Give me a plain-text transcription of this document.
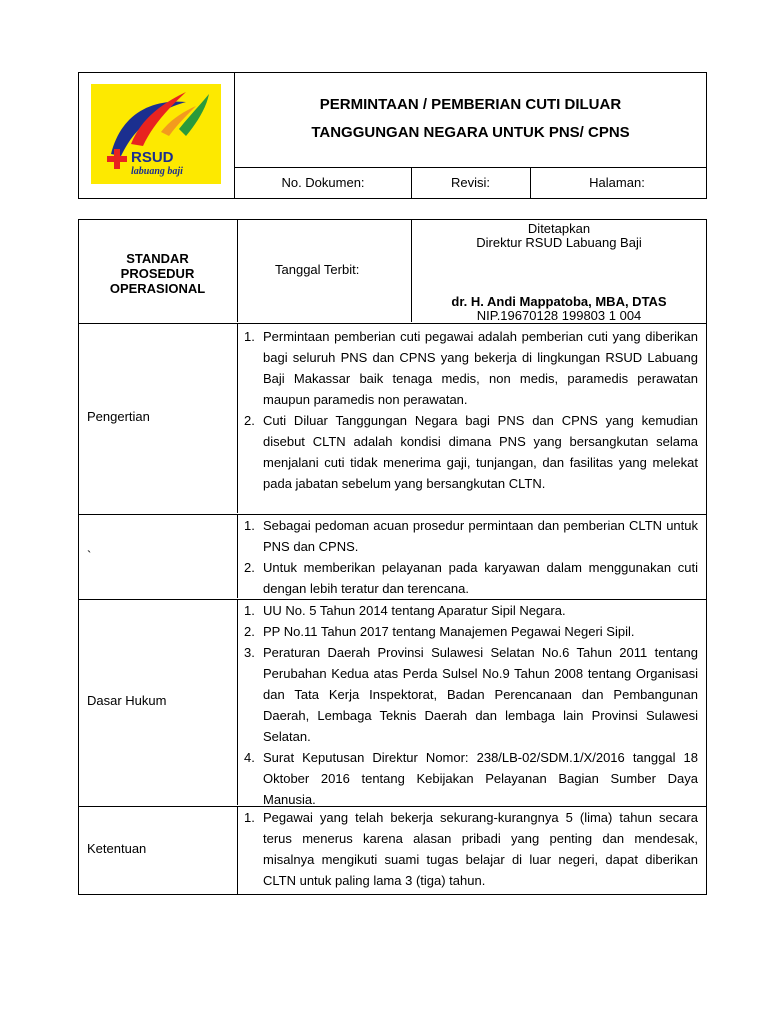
RSUD
labuang baji
PERMINTAAN / PEMBERIAN CUTI DILUAR
TANGGUNGAN NEGARA UNTUK PNS/ CPNS
No. Dokumen:	Revisi:	Halaman:
STANDAR
PROSEDUR
OPERASIONAL
Tanggal Terbit:
Ditetapkan
Direktur RSUD Labuang Baji
dr. H. Andi Mappatoba, MBA, DTAS
NIP.19670128 199803 1 004
Pengertian
1. Permintaan pemberian cuti pegawai adalah pemberian cuti yang diberikan bagi seluruh PNS dan CPNS yang bekerja di lingkungan RSUD Labuang Baji Makassar baik tenaga medis, non medis, paramedis perawatan maupun paramedis non perawatan.
2. Cuti Diluar Tanggungan Negara bagi PNS dan CPNS yang kemudian disebut CLTN adalah kondisi dimana PNS yang bersangkutan selama menjalani cuti tidak menerima gaji, tunjangan, dan fasilitas yang melekat pada jabatan sebelum yang bersangkutan CLTN.
`
1. Sebagai pedoman acuan prosedur permintaan dan pemberian CLTN untuk PNS dan CPNS.
2. Untuk memberikan pelayanan pada karyawan dalam menggunakan cuti dengan lebih teratur dan terencana.
Dasar Hukum
1. UU No. 5 Tahun 2014 tentang Aparatur Sipil Negara.
2. PP No.11 Tahun 2017 tentang Manajemen Pegawai Negeri Sipil.
3. Peraturan Daerah Provinsi Sulawesi Selatan No.6 Tahun 2011 tentang Perubahan Kedua atas Perda Sulsel No.9 Tahun 2008 tentang Organisasi dan Tata Kerja Inspektorat, Badan Perencanaan dan Pembangunan Daerah, Lembaga Teknis Daerah dan lembaga lain Provinsi Sulawesi Selatan.
4. Surat Keputusan Direktur Nomor: 238/LB-02/SDM.1/X/2016 tanggal 18 Oktober 2016 tentang Kebijakan Pelayanan Bagian Sumber Daya Manusia.
Ketentuan
1. Pegawai yang telah bekerja sekurang-kurangnya 5 (lima) tahun secara terus menerus karena alasan pribadi yang penting dan mendesak, misalnya mengikuti suami tugas belajar di luar negeri, dapat diberikan CLTN untuk paling lama 3 (tiga) tahun.
